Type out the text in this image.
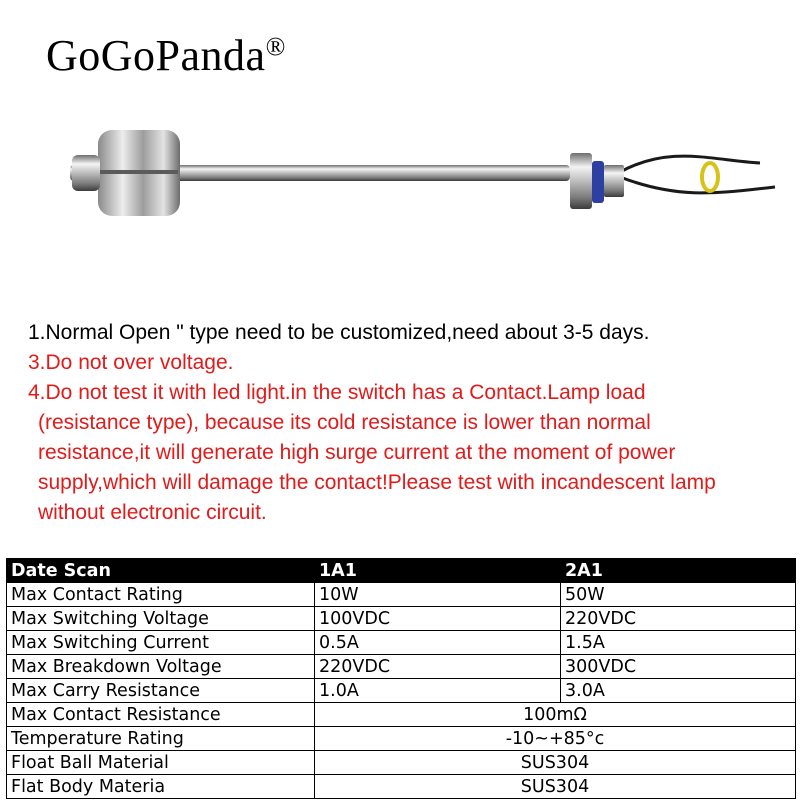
GoGoPanda®

1.Normal Open " type need to be customized,need about 3-5 days.

3.Do not over voltage.

4.Do not test it with led light.in the switch has a Contact.Lamp load

(resistance type), because its cold resistance is lower than normal

resistance,it will generate high surge current at the moment of power

supply,which will damage the contact!Please test with incandescent lamp

without electronic circuit.

Date Scan	1A1	2A1
Max Contact Rating	10W	50W
Max Switching Voltage	100VDC	220VDC
Max Switching Current	0.5A	1.5A
Max Breakdown Voltage	220VDC	300VDC
Max Carry Resistance	1.0A	3.0A
Max Contact Resistance	100mΩ	
Temperature Rating	-10~+85°c	
Float Ball Material	SUS304	
Flat Body Materia	SUS304	
